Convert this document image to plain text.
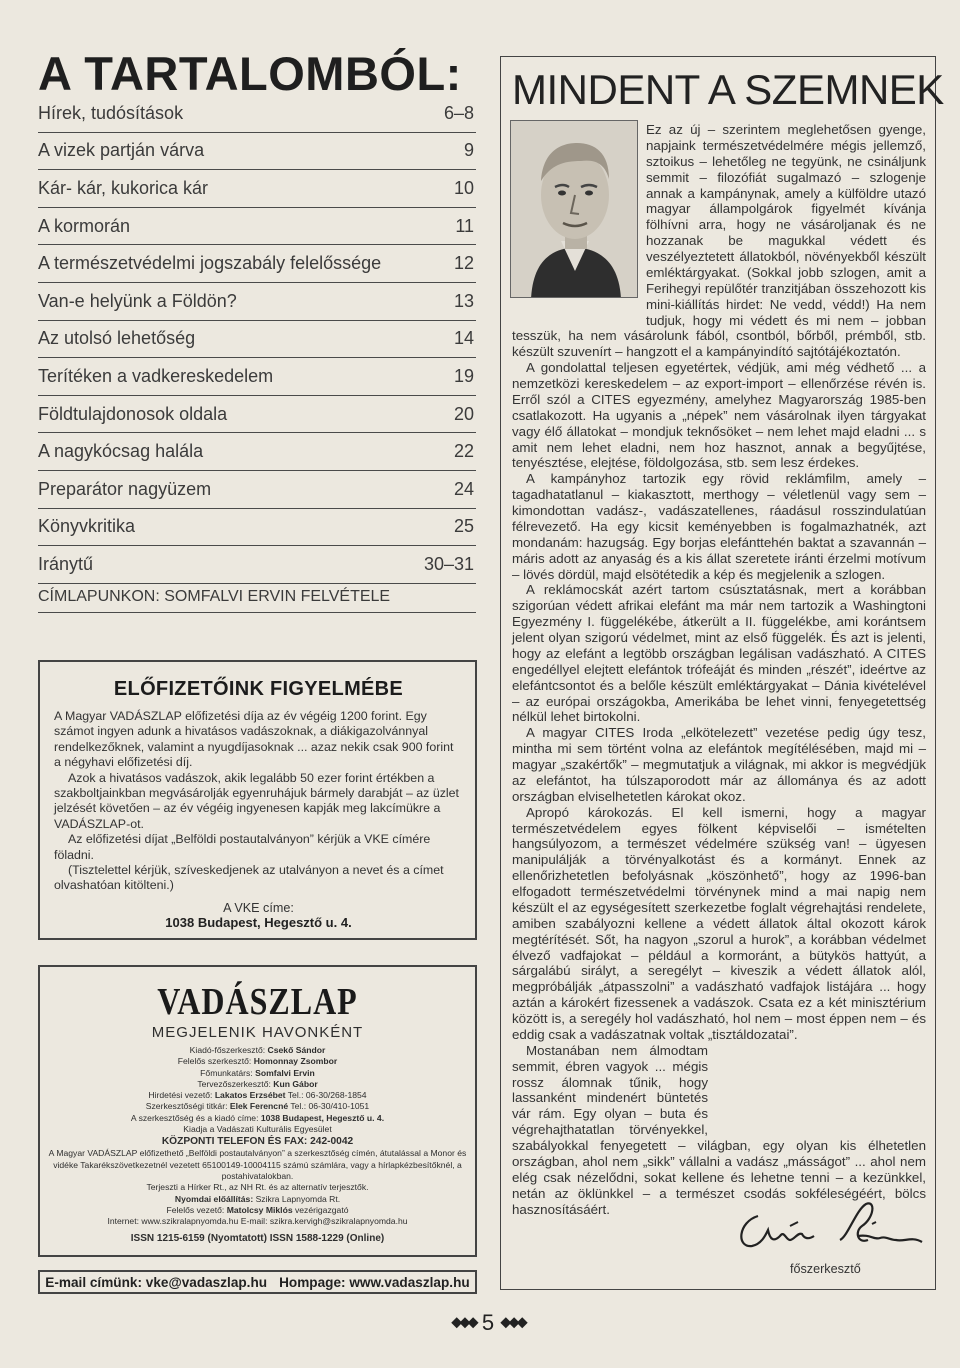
A TARTALOMBÓL:
Hírek, tudósítások	6–8
A vizek partján várva	9
Kár- kár, kukorica kár	10
A kormorán	11
A természetvédelmi jogszabály felelőssége	12
Van-e helyünk a Földön?	13
Az utolsó lehetőség	14
Terítéken a vadkereskedelem	19
Földtulajdonosok oldala	20
A nagykócsag halála	22
Preparátor nagyüzem	24
Könyvkritika	25
Iránytű	30–31
CÍMLAPUNKON: SOMFALVI ERVIN FELVÉTELE
ELŐFIZETŐINK FIGYELMÉBE

A Magyar VADÁSZLAP előfizetési díja az év végéig 1200 forint. Egy számot ingyen adunk a hivatásos vadászoknak, a diákigazolvánnyal rendelkezőknek, valamint a nyugdíjasoknak ... azaz nekik csak 900 forint a négyhavi előfizetési díj.

Azok a hivatásos vadászok, akik legalább 50 ezer forint értékben a szakboltjainkban megvásárolják egyenruhájuk bármely darabját – az üzlet jelzését követően – az év végéig ingyenesen kapják meg lakcímükre a VADÁSZLAP-ot.

Az előfizetési díjat „Belföldi postautalványon” kérjük a VKE címére föladni.

(Tisztelettel kérjük, szíveskedjenek az utalványon a nevet és a címet olvashatóan kitölteni.)

A VKE címe:
1038 Budapest, Hegesztő u. 4.
VADÁSZLAP
MEGJELENIK HAVONKÉNT

Kiadó-főszerkesztő: Csekő Sándor

Felelős szerkesztő: Homonnay Zsombor

Főmunkatárs: Somfalvi Ervin

Tervezőszerkesztő: Kun Gábor

Hirdetési vezető: Lakatos Erzsébet Tel.: 06-30/268-1854

Szerkesztőségi titkár: Elek Ferencné Tel.: 06-30/410-1051

A szerkesztőség és a kiadó címe: 1038 Budapest, Hegesztő u. 4.

Kiadja a Vadászati Kulturális Egyesület

KÖZPONTI TELEFON ÉS FAX: 242-0042

A Magyar VADÁSZLAP előfizethető „Belföldi postautalványon” a szerkesztőség címén, átutalással a Monor és vidéke Takarékszövetkezetnél vezetett 65100149-10004115 számú számlára, vagy a hírlapkézbesítőknél, a postahivatalokban.

Terjeszti a Hírker Rt., az NH Rt. és az alternatív terjesztők.

Nyomdai előállítás: Szikra Lapnyomda Rt.

Felelős vezető: Matolcsy Miklós vezérigazgató

Internet: www.szikralapnyomda.hu E-mail: szikra.kervigh@szikralapnyomda.hu

ISSN 1215-6159 (Nyomtatott) ISSN 1588-1229 (Online)

E-mail címünk: vke@vadaszlap.hu Hompage: www.vadaszlap.hu
MINDENT A SZEMNEK

Ez az új – szerintem meglehetősen gyenge, napjaink természetvédelmére mégis jellemző, sztoikus – lehetőleg ne tegyünk, ne csináljunk semmit – filozófiát sugalmazó – szlogenje annak a kampánynak, amely a külföldre utazó magyar állampolgárok figyelmét kívánja fölhívni arra, hogy ne vásároljanak és ne hozzanak be magukkal védett és veszélyeztetett állatokból, növényekből készült emléktárgyakat. (Sokkal jobb szlogen, amit a Ferihegyi repülőtér tranzitjában összehozott kis mini-kiállítás hirdet: Ne vedd, védd!) Ha nem tudjuk, hogy mi védett és mi nem – jobban tesszük, ha nem vásárolunk fából, csontból, bőrből, prémből, stb. készült szuvenírt – hangzott el a kampányindító sajtótájékoztatón.

A gondolattal teljesen egyetértek, védjük, ami még védhető ... a nemzetközi kereskedelem – az export-import – ellenőrzése révén is. Erről szól a CITES egyezmény, amelyhez Magyarország 1985-ben csatlakozott. Ha ugyanis a „népek” nem vásárolnak ilyen tárgyakat vagy élő állatokat – mondjuk teknősöket – nem lehet majd eladni ... s amit nem lehet eladni, nem hoz hasznot, annak a begyűjtése, tenyésztése, elejtése, földolgozása, stb. sem lesz érdekes.

A kampányhoz tartozik egy rövid reklámfilm, amely – tagadhatatlanul – kiakasztott, merthogy – véletlenül vagy sem – kimondottan vadász-, vadászatellenes, ráadásul rosszindulatúan félrevezető. Ha egy kicsit keményebben is fogalmazhatnék, azt mondanám: hazugság. Egy borjas elefánttehén baktat a szavannán – máris adott az anyaság és a kis állat szeretete iránti érzelmi motívum – lövés dördül, majd elsötétedik a kép és megjelenik a szlogen.

A reklámocskát azért tartom csúsztatásnak, mert a korábban szigorúan védett afrikai elefánt ma már nem tartozik a Washingtoni Egyezmény I. függelékébe, átkerült a II. függelékbe, ami korántsem jelent olyan szigorú védelmet, mint az első függelék. És azt is jelenti, hogy az elefánt a legtöbb országban legálisan vadászható. A CITES engedéllyel elejtett elefántok trófeáját és minden „részét”, ideértve az elefántcsontot és a belőle készült emléktárgyakat – Dánia kivételével – az európai országokba, Amerikába be lehet vinni, fenyegetettség nélkül lehet birtokolni.

A magyar CITES Iroda „elkötelezett” vezetése pedig úgy tesz, mintha mi sem történt volna az elefántok megítélésében, majd mi – magyar „szakértők” – megmutatjuk a világnak, mi akkor is megvédjük az elefántot, ha túlszaporodott már az állománya és az adott országban elviselhetetlen károkat okoz.

Apropó károkozás. El kell ismerni, hogy a magyar természetvédelem egyes fölkent képviselői – ismételten hangsúlyozom, a természet védelmére szükség van! – ügyesen manipulálják a törvényalkotást és a kormányt. Ennek az ellenőrizhetetlen befolyásnak „köszönhető”, hogy az 1996-ban elfogadott természetvédelmi törvénynek mind a mai napig nem készült el az egységesített szerkezetbe foglalt végrehajtási rendelete, amiben szabályozni kellene a védett állatok által okozott károk megtérítését. Sőt, ha nagyon „szorul a hurok”, a korábban védelmet élvező vadfajokat – például a kormoránt, a bütykös hattyút, a sárgalábú sirályt, a seregélyt – kiveszik a védett állatok alól, megpróbálják „átpasszolni” a vadászható vadfajok listájára ... hogy aztán a károkért fizessenek a vadászok. Csata ez a két minisztérium között is, a seregély hol vadászható, hol nem – most éppen nem – és eddig csak a vadászatnak voltak „tisztáldozatai”.

Mostanában nem álmodtam semmit, ébren vagyok ... mégis rossz álomnak tűnik, hogy lassanként mindenért büntetés vár rám. Egy olyan – buta és végrehajthatatlan törvényekkel, szabályokkal fenyegetett – világban, egy olyan kis élhetetlen országban, ahol nem „sikk” vállalni a vadász „másságot” ... ahol nem elég csak nézelődni, sokat kellene és lehetne tenni – a kezünkkel, netán az öklünkkel – a természet csodás sokféleségéért, bölcs hasznosításáért.

főszerkesztő
⬥⬥⬥ 5 ⬥⬥⬥
